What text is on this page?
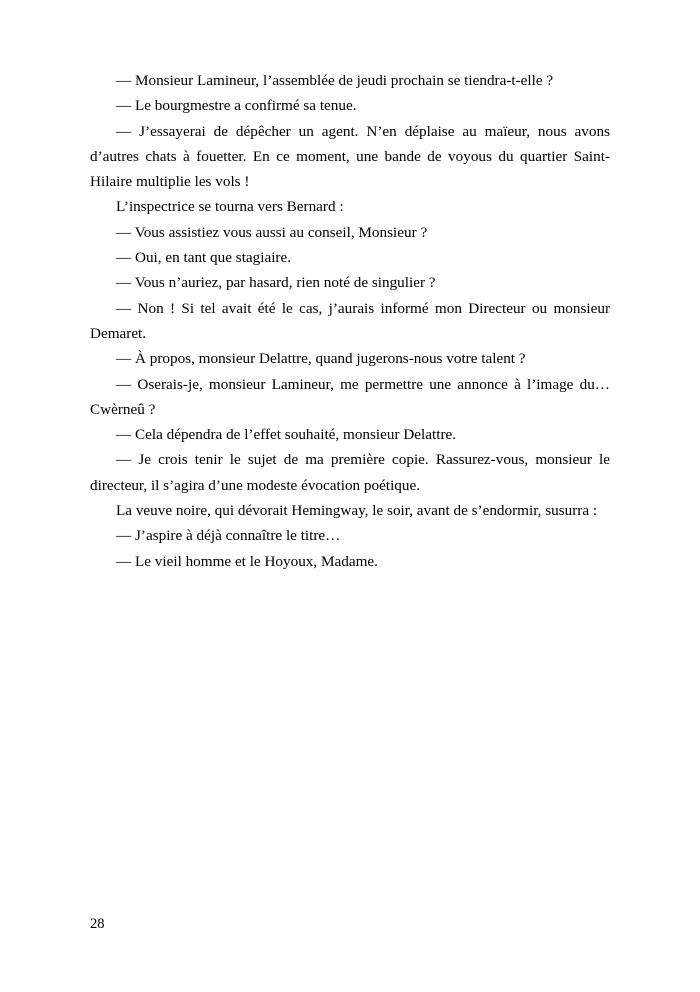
— Monsieur Lamineur, l’assemblée de jeudi prochain se tiendra-t-elle ?

— Le bourgmestre a confirmé sa tenue.

— J’essayerai de dépêcher un agent. N’en déplaise au maïeur, nous avons d’autres chats à fouetter. En ce moment, une bande de voyous du quartier Saint-Hilaire multiplie les vols !

L’inspectrice se tourna vers Bernard :

— Vous assistiez vous aussi au conseil, Monsieur ?

— Oui, en tant que stagiaire.

— Vous n’auriez, par hasard, rien noté de singulier ?

— Non ! Si tel avait été le cas, j’aurais informé mon Directeur ou monsieur Demaret.

— À propos, monsieur Delattre, quand jugerons-nous votre talent ?

— Oserais-je, monsieur Lamineur, me permettre une annonce à l’image du… Cwèrneû ?

— Cela dépendra de l’effet souhaité, monsieur Delattre.

— Je crois tenir le sujet de ma première copie. Rassurez-vous, monsieur le directeur, il s’agira d’une modeste évocation poétique.

La veuve noire, qui dévorait Hemingway, le soir, avant de s’endormir, susurra :

— J’aspire à déjà connaître le titre…

— Le vieil homme et le Hoyoux, Madame.

28
